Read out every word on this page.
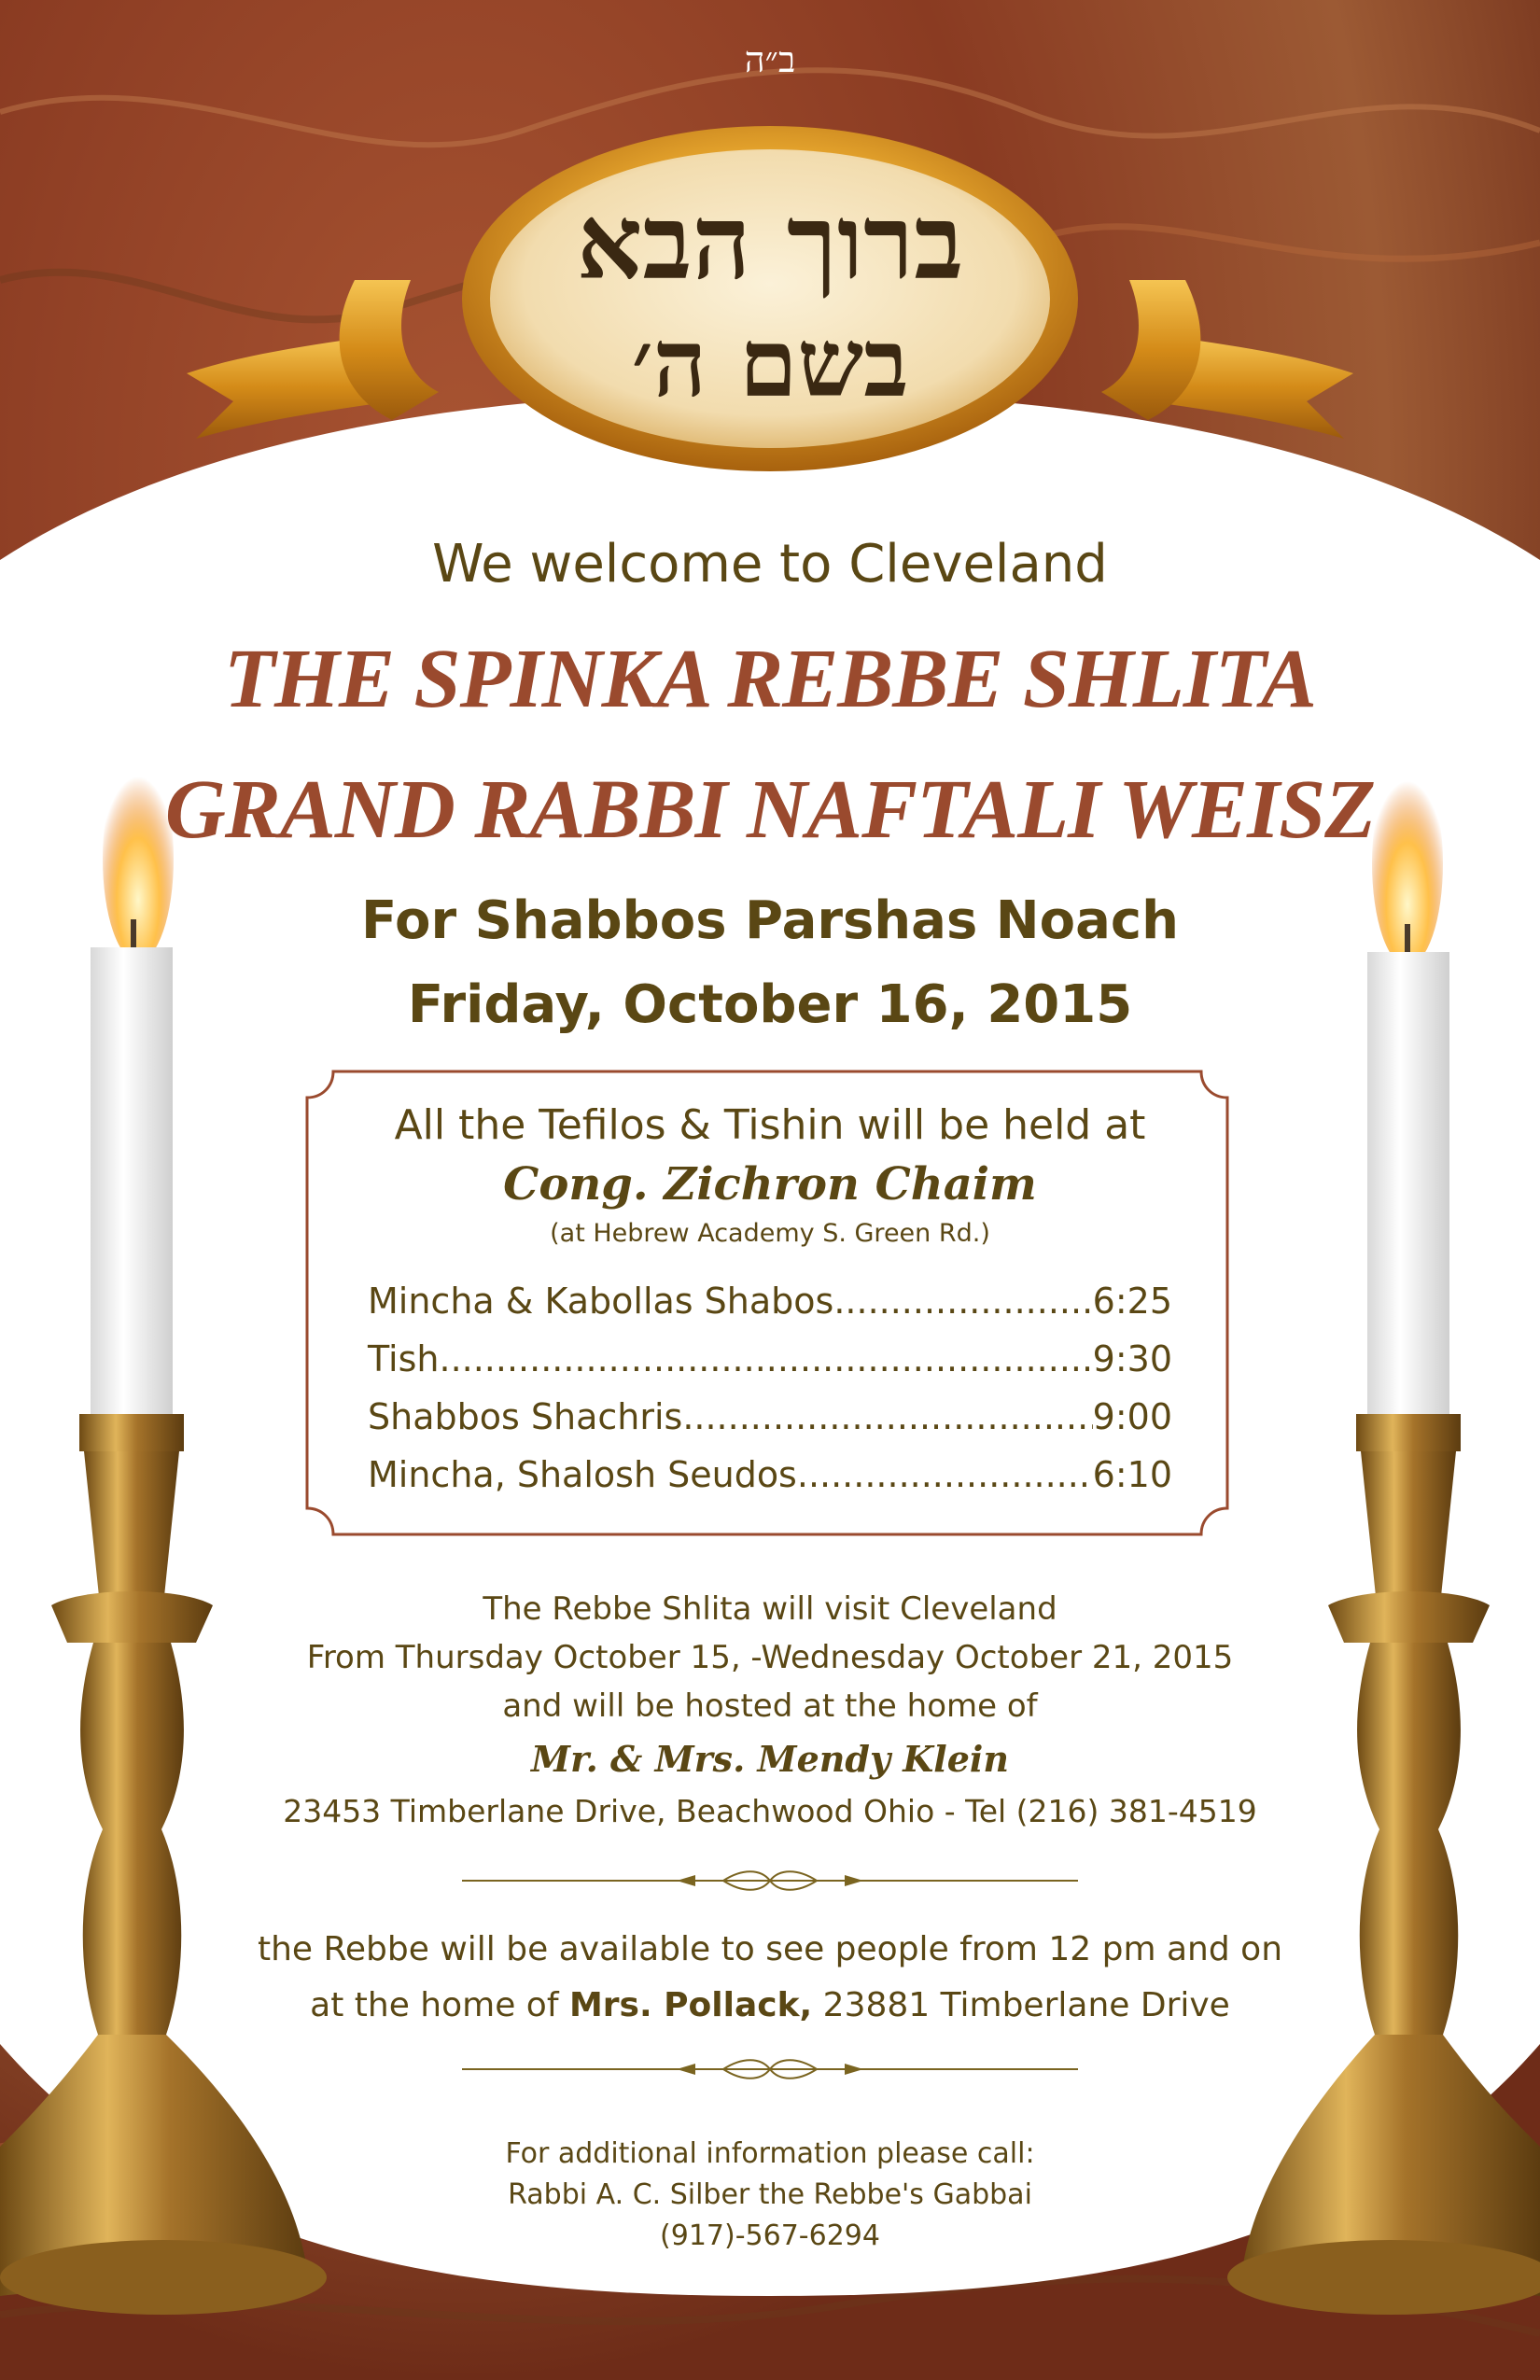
ב״ה
ברוך הבא
בשם ה׳
We welcome to Cleveland
THE SPINKA REBBE SHLITA
GRAND RABBI NAFTALI WEISZ
For Shabbos Parshas Noach
Friday, October 16, 2015
All the Tefilos & Tishin will be held at
Cong. Zichron Chaim
(at Hebrew Academy S. Green Rd.)
Mincha & Kabollas Shabos .....	6:25
Tish .....	9:30
Shabbos Shachris .....	9:00
Mincha, Shalosh Seudos .....	6:10
The Rebbe Shlita will visit Cleveland
From Thursday October 15, -Wednesday October 21, 2015
and will be hosted at the home of
Mr. & Mrs. Mendy Klein
23453 Timberlane Drive, Beachwood Ohio - Tel (216) 381-4519
the Rebbe will be available to see people from 12 pm and on
at the home of Mrs. Pollack, 23881 Timberlane Drive
For additional information please call:
Rabbi A. C. Silber the Rebbe's Gabbai
(917)-567-6294
